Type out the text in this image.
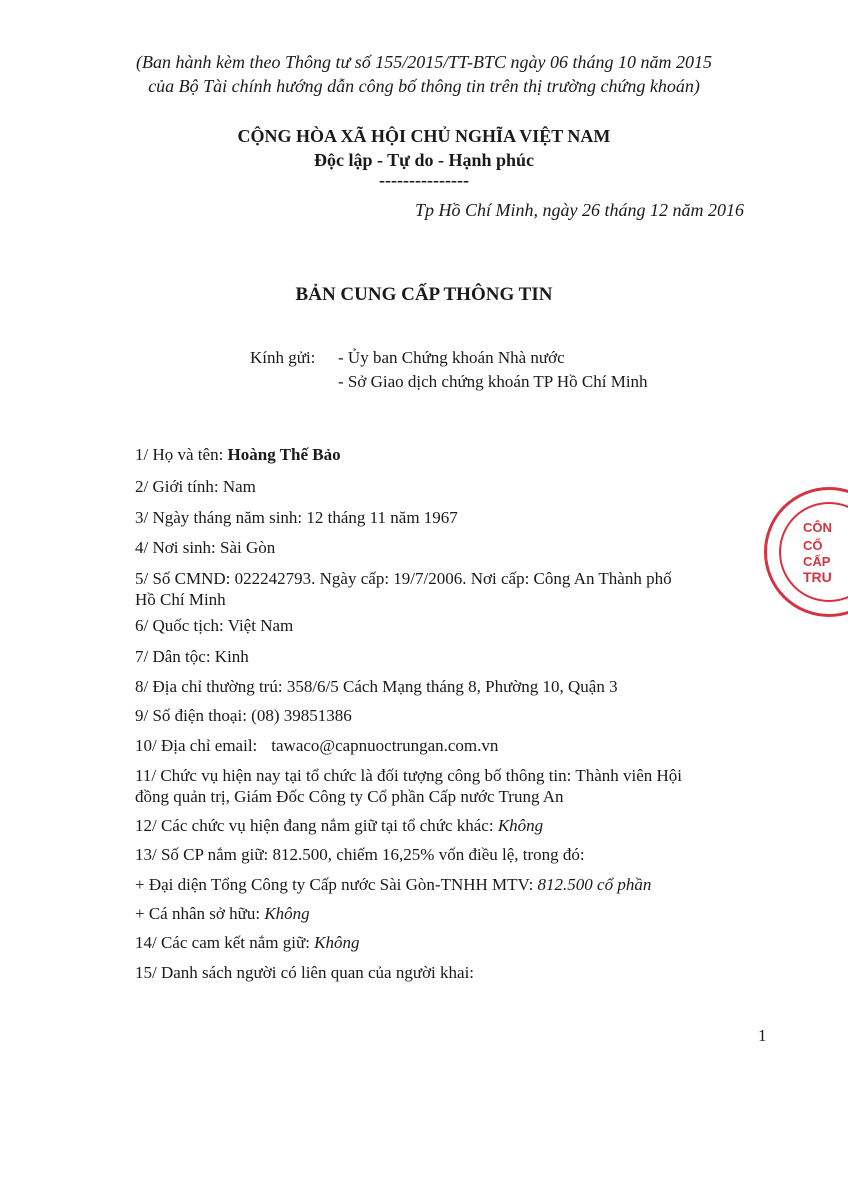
(Ban hành kèm theo Thông tư số 155/2015/TT-BTC ngày 06 tháng 10 năm 2015
của Bộ Tài chính hướng dẫn công bố thông tin trên thị trường chứng khoán)
CỘNG HÒA XÃ HỘI CHỦ NGHĨA VIỆT NAM
Độc lập - Tự do - Hạnh phúc
---------------
Tp Hồ Chí Minh, ngày 26 tháng 12 năm 2016
BẢN CUNG CẤP THÔNG TIN
Kính gửi: - Ủy ban Chứng khoán Nhà nước
- Sở Giao dịch chứng khoán TP Hồ Chí Minh
1/ Họ và tên: Hoàng Thế Bảo
2/ Giới tính: Nam
3/ Ngày tháng năm sinh: 12 tháng 11 năm 1967
4/ Nơi sinh: Sài Gòn
5/ Số CMND: 022242793. Ngày cấp: 19/7/2006. Nơi cấp: Công An Thành phố
Hồ Chí Minh
6/ Quốc tịch: Việt Nam
7/ Dân tộc: Kinh
8/ Địa chỉ thường trú: 358/6/5 Cách Mạng tháng 8, Phường 10, Quận 3
9/ Số điện thoại: (08) 39851386
10/ Địa chỉ email: tawaco@capnuoctrungan.com.vn
11/ Chức vụ hiện nay tại tổ chức là đối tượng công bố thông tin: Thành viên Hội
đồng quản trị, Giám Đốc Công ty Cổ phần Cấp nước Trung An
12/ Các chức vụ hiện đang nắm giữ tại tổ chức khác: Không
13/ Số CP nắm giữ: 812.500, chiếm 16,25% vốn điều lệ, trong đó:
+ Đại diện Tổng Công ty Cấp nước Sài Gòn-TNHH MTV: 812.500 cổ phần
+ Cá nhân sở hữu: Không
14/ Các cam kết nắm giữ: Không
15/ Danh sách người có liên quan của người khai:
CÔN
CỔ
CẤP
TRU
1
